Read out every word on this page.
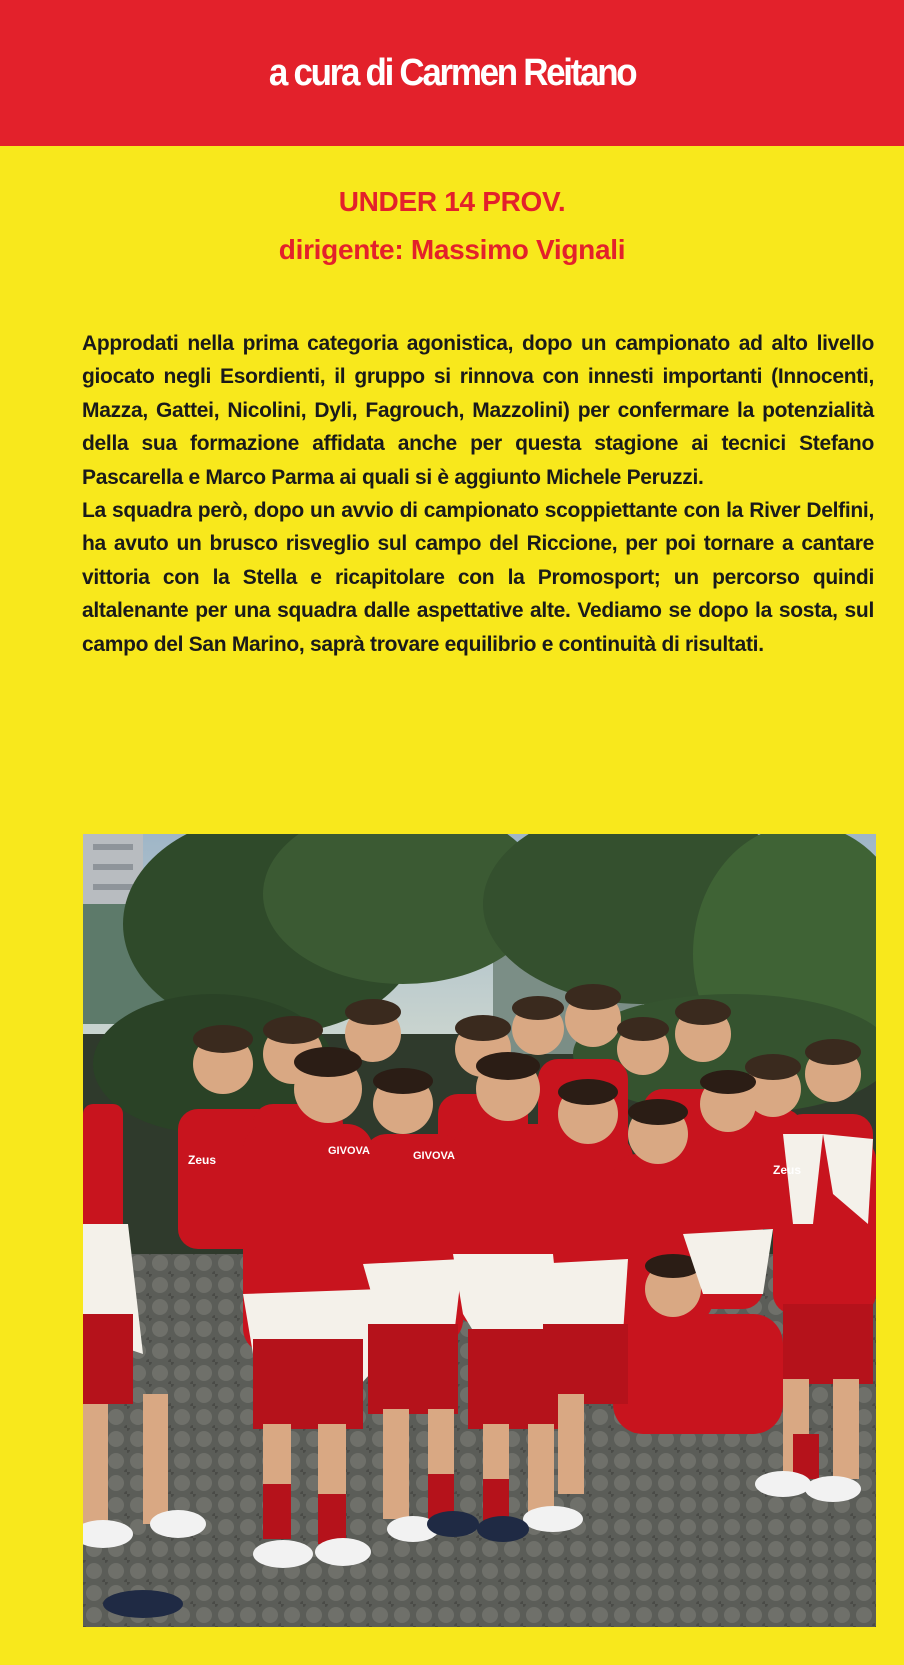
a cura di Carmen Reitano
UNDER 14 PROV.
dirigente: Massimo Vignali

Approdati nella prima categoria agonistica, dopo un campionato ad alto livello giocato negli Esordienti, il gruppo si rinnova con innesti importanti (Innocenti, Mazza, Gattei, Nicolini, Dyli, Fagrouch, Mazzolini) per confermare la potenzialità della sua formazione affidata anche per questa stagione ai tecnici Stefano Pascarella e Marco Parma ai quali si è aggiunto Michele Peruzzi.

La squadra però, dopo un avvio di campionato scoppiettante con la River Delfini, ha avuto un brusco risveglio sul campo del Riccione, per poi tornare a cantare vittoria con la Stella e ricapitolare con la Promosport; un percorso quindi altalenante per una squadra dalle aspettative alte. Vediamo se dopo la sosta, sul campo del San Marino, saprà trovare equilibrio e continuità di risultati.

Zeus
GIVOVA	GIVOVA
Zeus
